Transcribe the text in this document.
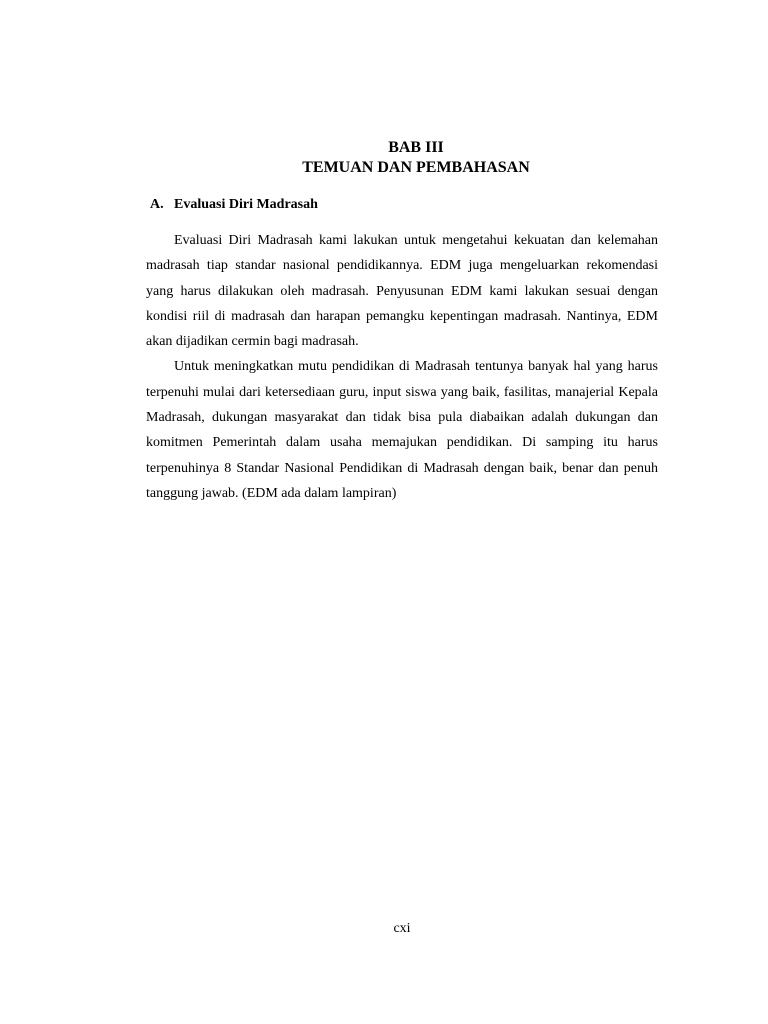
BAB III
TEMUAN DAN PEMBAHASAN
A. Evaluasi Diri Madrasah

Evaluasi Diri Madrasah kami lakukan untuk mengetahui kekuatan dan kelemahan madrasah tiap standar nasional pendidikannya. EDM juga mengeluarkan rekomendasi yang harus dilakukan oleh madrasah. Penyusunan EDM kami lakukan sesuai dengan kondisi riil di madrasah dan harapan pemangku kepentingan madrasah. Nantinya, EDM akan dijadikan cermin bagi madrasah.

Untuk meningkatkan mutu pendidikan di Madrasah tentunya banyak hal yang harus terpenuhi mulai dari ketersediaan guru, input siswa yang baik, fasilitas, manajerial Kepala Madrasah, dukungan masyarakat dan tidak bisa pula diabaikan adalah dukungan dan komitmen Pemerintah dalam usaha memajukan pendidikan. Di samping itu harus terpenuhinya 8 Standar Nasional Pendidikan di Madrasah dengan baik, benar dan penuh tanggung jawab. (EDM ada dalam lampiran)

cxi
